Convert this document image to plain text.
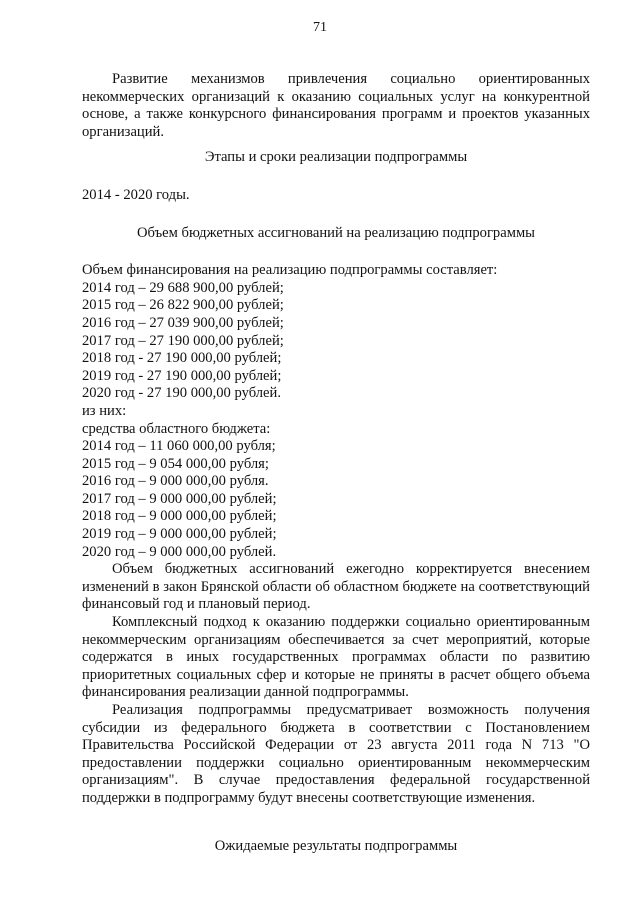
71

Развитие механизмов привлечения социально ориентированных некоммерческих организаций к оказанию социальных услуг на конкурентной основе, а также конкурсного финансирования программ и проектов указанных организаций.

Этапы и сроки реализации подпрограммы

2014 - 2020 годы.

Объем бюджетных ассигнований на реализацию подпрограммы

Объем финансирования на реализацию подпрограммы составляет:

2014 год – 29 688 900,00 рублей;

2015 год – 26 822 900,00 рублей;

2016 год – 27 039 900,00 рублей;

2017 год – 27 190 000,00 рублей;

2018 год - 27 190 000,00 рублей;

2019 год - 27 190 000,00 рублей;

2020 год - 27 190 000,00 рублей.

из них:

средства областного бюджета:

2014 год – 11 060 000,00 рубля;

2015 год – 9 054 000,00 рубля;

2016 год – 9 000 000,00 рубля.

2017 год – 9 000 000,00 рублей;

2018 год – 9 000 000,00 рублей;

2019 год – 9 000 000,00 рублей;

2020 год – 9 000 000,00 рублей.

Объем бюджетных ассигнований ежегодно корректируется внесением изменений в закон Брянской области об областном бюджете на соответствующий финансовый год и плановый период.

Комплексный подход к оказанию поддержки социально ориентированным некоммерческим организациям обеспечивается за счет мероприятий, которые содержатся в иных государственных программах области по развитию приоритетных социальных сфер и которые не приняты в расчет общего объема финансирования реализации данной подпрограммы.

Реализация подпрограммы предусматривает возможность получения субсидии из федерального бюджета в соответствии с Постановлением Правительства Российской Федерации от 23 августа 2011 года N 713 "О предоставлении поддержки социально ориентированным некоммерческим организациям". В случае предоставления федеральной государственной поддержки в подпрограмму будут внесены соответствующие изменения.

Ожидаемые результаты подпрограммы
